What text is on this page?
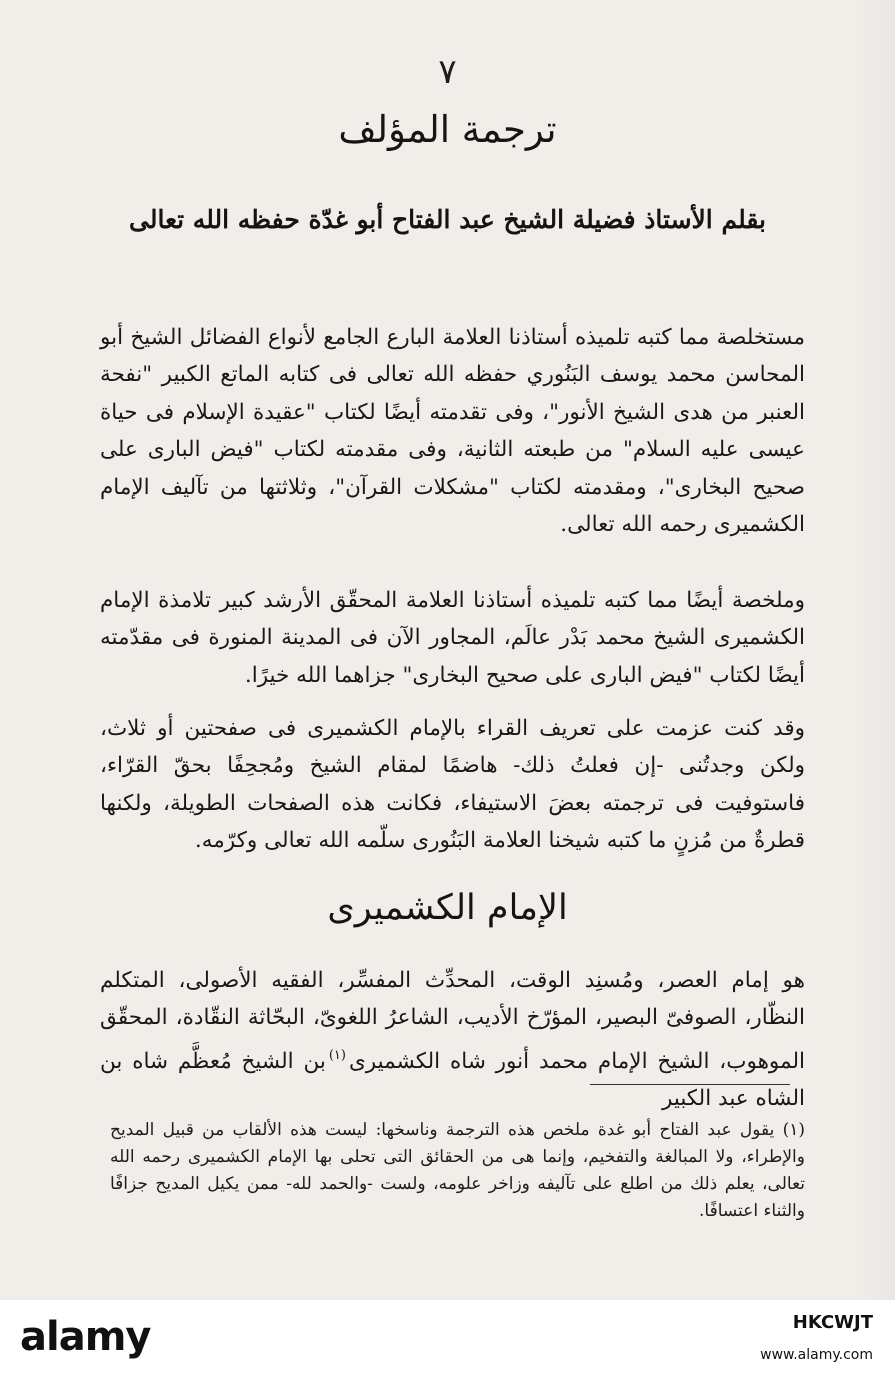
٧
ترجمة المؤلف
بقلم الأستاذ فضيلة الشيخ عبد الفتاح أبو غدّة حفظه الله تعالى

مستخلصة مما كتبه تلميذه أستاذنا العلامة البارع الجامع لأنواع الفضائل الشيخ أبو المحاسن محمد يوسف البَنُوري حفظه الله تعالى فى كتابه الماتع الكبير "نفحة العنبر من هدى الشيخ الأنور"، وفى تقدمته أيضًا لكتاب "عقيدة الإسلام فى حياة عيسى عليه السلام" من طبعته الثانية، وفى مقدمته لكتاب "فيض البارى على صحيح البخارى"، ومقدمته لكتاب "مشكلات القرآن"، وثلاثتها من تآليف الإمام الكشميرى رحمه الله تعالى.

وملخصة أيضًا مما كتبه تلميذه أستاذنا العلامة المحقّق الأرشد كبير تلامذة الإمام الكشميرى الشيخ محمد بَدْر عالَم، المجاور الآن فى المدينة المنورة فى مقدّمته أيضًا لكتاب "فيض البارى على صحيح البخارى" جزاهما الله خيرًا.

وقد كنت عزمت على تعريف القراء بالإمام الكشميرى فى صفحتين أو ثلاث، ولكن وجدتُنى -إن فعلتُ ذلك- هاضمًا لمقام الشيخ ومُجحِفًا بحقّ القرّاء، فاستوفيت فى ترجمته بعضَ الاستيفاء، فكانت هذه الصفحات الطويلة، ولكنها قطرةٌ من مُزنٍ ما كتبه شيخنا العلامة البَنُورى سلّمه الله تعالى وكرّمه.

الإمام الكشميرى

هو إمام العصر، ومُسنِد الوقت، المحدِّث المفسِّر، الفقيه الأصولى، المتكلم النظّار، الصوفىّ البصير، المؤرّخ الأديب، الشاعرُ اللغوىّ، البحّاثة النقّادة، المحقّق الموهوب، الشيخ الإمام محمد أنور شاه الكشميرى$^{(١)}$بن الشيخ مُعظَّم شاه بن الشاه عبد الكبير

(١) يقول عبد الفتاح أبو غدة ملخص هذه الترجمة وناسخها: ليست هذه الألقاب من قبيل المديح والإطراء، ولا المبالغة والتفخيم، وإنما هى من الحقائق التى تحلى بها الإمام الكشميرى رحمه الله تعالى، يعلم ذلك من اطلع على تآليفه وزاخر علومه، ولست -والحمد لله- ممن يكيل المديح جزافًا والثناء اعتسافًا.

alamy	HKCWJT
www.alamy.com
